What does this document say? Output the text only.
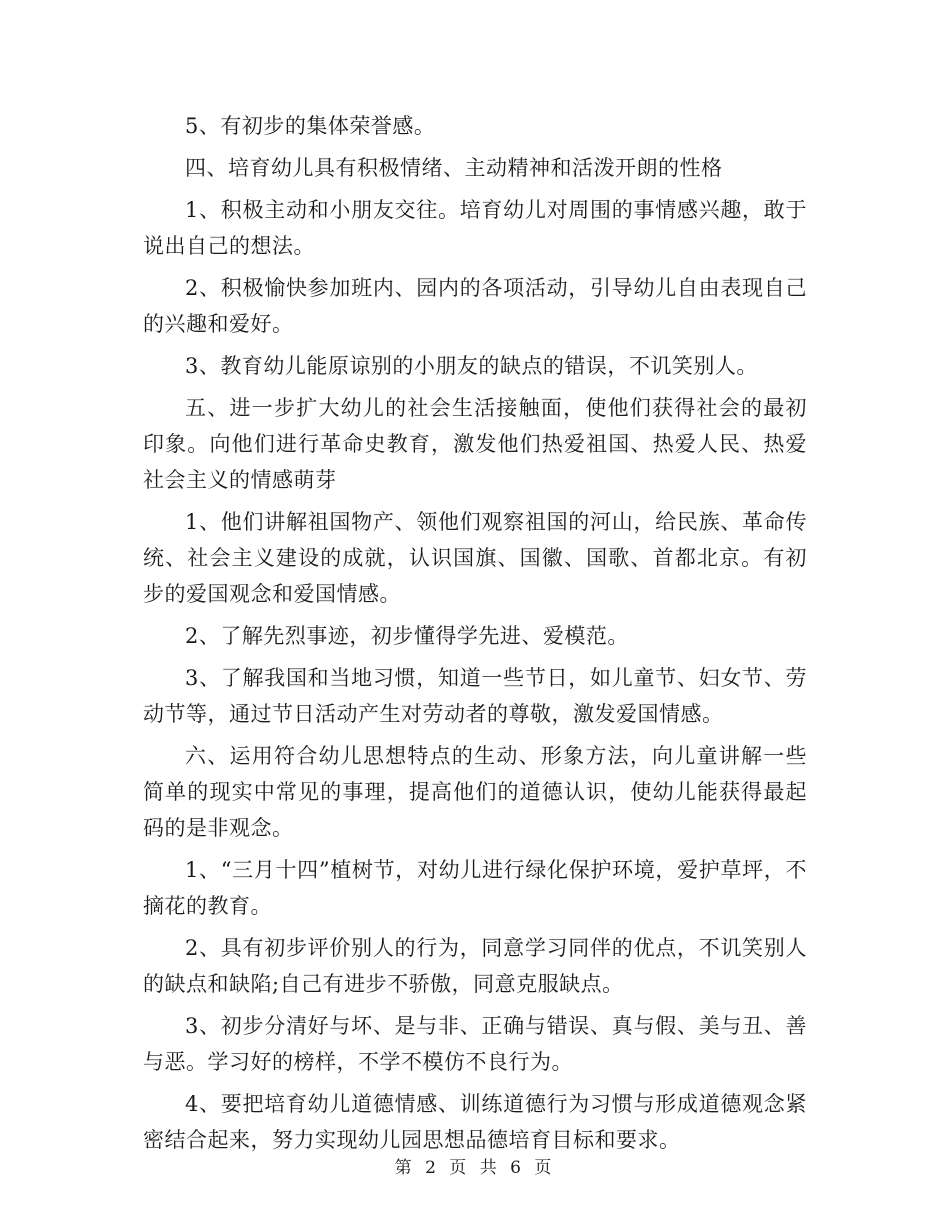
5、有初步的集体荣誉感。

四、培育幼儿具有积极情绪、主动精神和活泼开朗的性格

1、积极主动和小朋友交往。培育幼儿对周围的事情感兴趣，敢于说出自己的想法。

2、积极愉快参加班内、园内的各项活动，引导幼儿自由表现自己的兴趣和爱好。

3、教育幼儿能原谅别的小朋友的缺点的错误，不讥笑别人。

五、进一步扩大幼儿的社会生活接触面，使他们获得社会的最初印象。向他们进行革命史教育，激发他们热爱祖国、热爱人民、热爱社会主义的情感萌芽

1、他们讲解祖国物产、领他们观察祖国的河山，给民族、革命传统、社会主义建设的成就，认识国旗、国徽、国歌、首都北京。有初步的爱国观念和爱国情感。

2、了解先烈事迹，初步懂得学先进、爱模范。

3、了解我国和当地习惯，知道一些节日，如儿童节、妇女节、劳动节等，通过节日活动产生对劳动者的尊敬，激发爱国情感。

六、运用符合幼儿思想特点的生动、形象方法，向儿童讲解一些简单的现实中常见的事理，提高他们的道德认识，使幼儿能获得最起码的是非观念。

1、“三月十四”植树节，对幼儿进行绿化保护环境，爱护草坪，不摘花的教育。

2、具有初步评价别人的行为，同意学习同伴的优点，不讥笑别人的缺点和缺陷;自己有进步不骄傲，同意克服缺点。

3、初步分清好与坏、是与非、正确与错误、真与假、美与丑、善与恶。学习好的榜样，不学不模仿不良行为。

4、要把培育幼儿道德情感、训练道德行为习惯与形成道德观念紧密结合起来，努力实现幼儿园思想品德培育目标和要求。

第 2 页 共 6 页
